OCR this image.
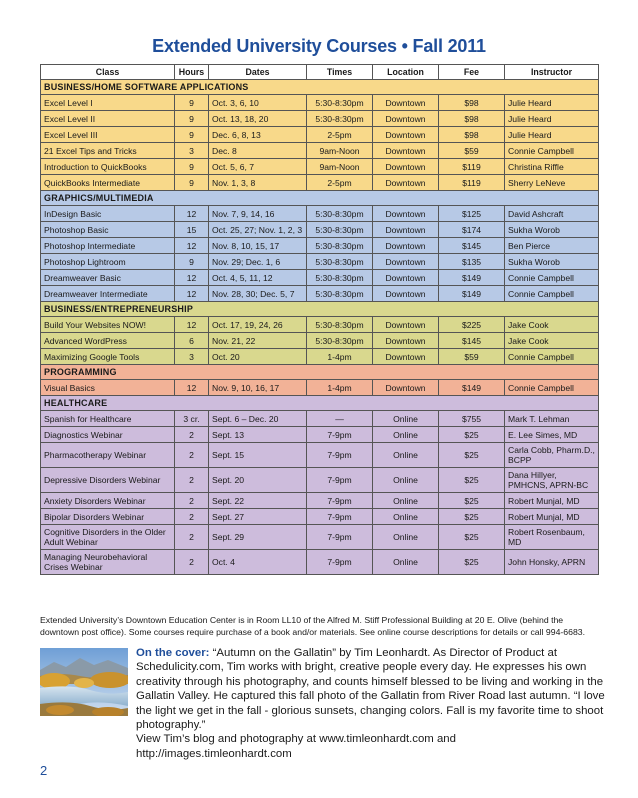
Extended University Courses • Fall 2011
Class	Hours	Dates	Times	Location	Fee	Instructor
BUSINESS/HOME SOFTWARE APPLICATIONS						
Excel Level I	9	Oct. 3, 6, 10	5:30-8:30pm	Downtown	$98	Julie Heard
Excel Level II	9	Oct. 13, 18, 20	5:30-8:30pm	Downtown	$98	Julie Heard
Excel Level III	9	Dec. 6, 8, 13	2-5pm	Downtown	$98	Julie Heard
21 Excel Tips and Tricks	3	Dec. 8	9am-Noon	Downtown	$59	Connie Campbell
Introduction to QuickBooks	9	Oct. 5, 6, 7	9am-Noon	Downtown	$119	Christina Riffle
QuickBooks Intermediate	9	Nov. 1, 3, 8	2-5pm	Downtown	$119	Sherry LeNeve
GRAPHICS/MULTIMEDIA						
InDesign Basic	12	Nov. 7, 9, 14, 16	5:30-8:30pm	Downtown	$125	David Ashcraft
Photoshop Basic	15	Oct. 25, 27; Nov. 1, 2, 3	5:30-8:30pm	Downtown	$174	Sukha Worob
Photoshop Intermediate	12	Nov. 8, 10, 15, 17	5:30-8:30pm	Downtown	$145	Ben Pierce
Photoshop Lightroom	9	Nov. 29; Dec. 1, 6	5:30-8:30pm	Downtown	$135	Sukha Worob
Dreamweaver Basic	12	Oct. 4, 5, 11, 12	5:30-8:30pm	Downtown	$149	Connie Campbell
Dreamweaver Intermediate	12	Nov. 28, 30; Dec. 5, 7	5:30-8:30pm	Downtown	$149	Connie Campbell
BUSINESS/ENTREPRENEURSHIP						
Build Your Websites NOW!	12	Oct. 17, 19, 24, 26	5:30-8:30pm	Downtown	$225	Jake Cook
Advanced WordPress	6	Nov. 21, 22	5:30-8:30pm	Downtown	$145	Jake Cook
Maximizing Google Tools	3	Oct. 20	1-4pm	Downtown	$59	Connie Campbell
PROGRAMMING						
Visual Basics	12	Nov. 9, 10, 16, 17	1-4pm	Downtown	$149	Connie Campbell
HEALTHCARE						
Spanish for Healthcare	3 cr.	Sept. 6 – Dec. 20	—	Online	$755	Mark T. Lehman
Diagnostics Webinar	2	Sept. 13	7-9pm	Online	$25	E. Lee Simes, MD
Pharmacotherapy Webinar	2	Sept. 15	7-9pm	Online	$25	Carla Cobb, Pharm.D., BCPP
Depressive Disorders Webinar	2	Sept. 20	7-9pm	Online	$25	Dana Hillyer, PMHCNS, APRN-BC
Anxiety Disorders Webinar	2	Sept. 22	7-9pm	Online	$25	Robert Munjal, MD
Bipolar Disorders Webinar	2	Sept. 27	7-9pm	Online	$25	Robert Munjal, MD
Cognitive Disorders in the Older Adult Webinar	2	Sept. 29	7-9pm	Online	$25	Robert Rosenbaum, MD
Managing Neurobehavioral Crises Webinar	2	Oct. 4	7-9pm	Online	$25	John Honsky, APRN
Extended University’s Downtown Education Center is in Room LL10 of the Alfred M. Stiff Professional Building at 20 E. Olive (behind the downtown post office). Some courses require purchase of a book and/or materials. See online course descriptions for details or call 994-6683.
On the cover: “Autumn on the Gallatin” by Tim Leonhardt. As Director of Product at Schedulicity.com, Tim works with bright, creative people every day. He expresses his own creativity through his photography, and counts himself blessed to be living and working in the Gallatin Valley. He captured this fall photo of the Gallatin from River Road last autumn. “I love the light we get in the fall - glorious sunsets, changing colors. Fall is my favorite time to shoot photography.”
View Tim’s blog and photography at www.timleonhardt.com and http://images.timleonhardt.com
2
